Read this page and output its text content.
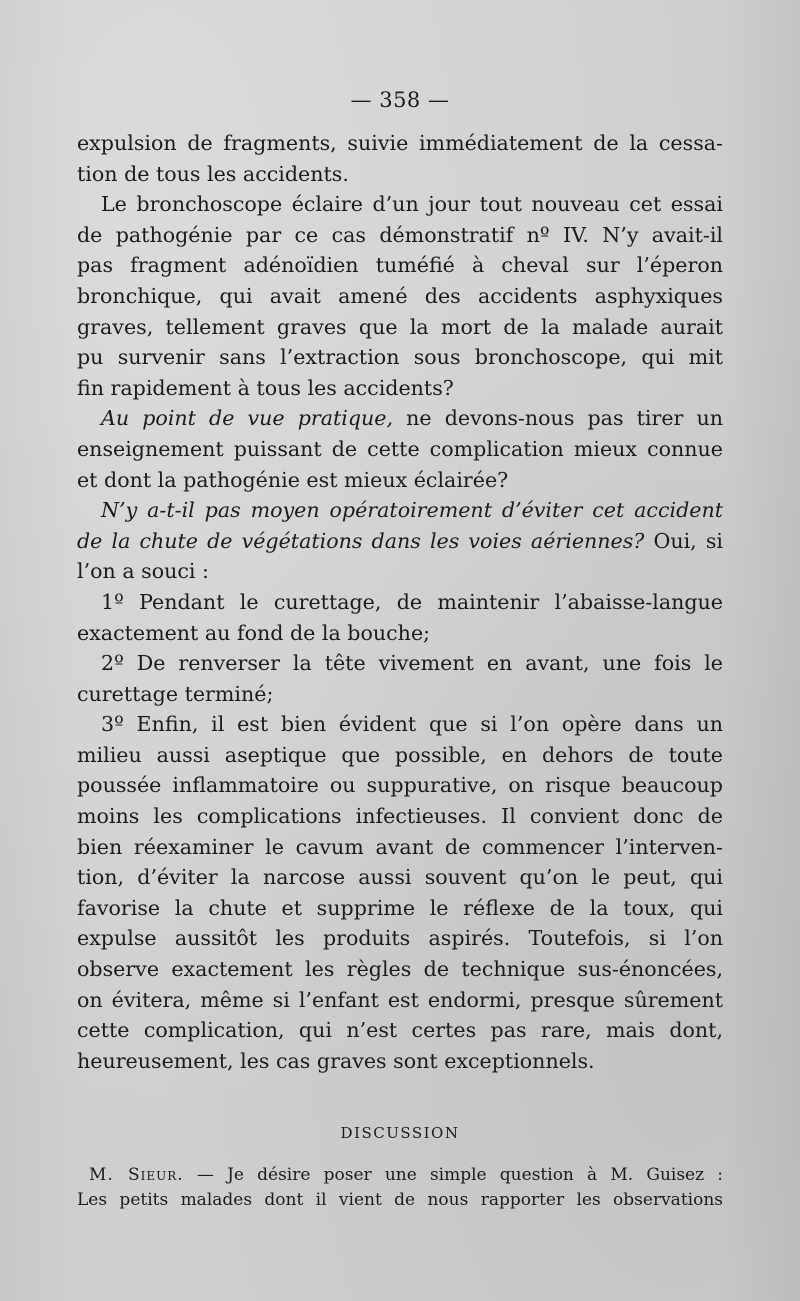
— 358 —
expulsion de fragments, suivie immédiatement de la cessa-
tion de tous les accidents.
Le bronchoscope éclaire d’un jour tout nouveau cet essai
de pathogénie par ce cas démonstratif nº IV. N’y avait-il
pas fragment adénoïdien tuméfié à cheval sur l’éperon
bronchique, qui avait amené des accidents asphyxiques
graves, tellement graves que la mort de la malade aurait
pu survenir sans l’extraction sous bronchoscope, qui mit
fin rapidement à tous les accidents?
Au point de vue pratique, ne devons-nous pas tirer un
enseignement puissant de cette complication mieux connue
et dont la pathogénie est mieux éclairée?
N’y a-t-il pas moyen opératoirement d’éviter cet accident
de la chute de végétations dans les voies aériennes? Oui, si
l’on a souci :
1º Pendant le curettage, de maintenir l’abaisse-langue
exactement au fond de la bouche;
2º De renverser la tête vivement en avant, une fois le
curettage terminé;
3º Enfin, il est bien évident que si l’on opère dans un
milieu aussi aseptique que possible, en dehors de toute
poussée inflammatoire ou suppurative, on risque beaucoup
moins les complications infectieuses. Il convient donc de
bien réexaminer le cavum avant de commencer l’interven-
tion, d’éviter la narcose aussi souvent qu’on le peut, qui
favorise la chute et supprime le réflexe de la toux, qui
expulse aussitôt les produits aspirés. Toutefois, si l’on
observe exactement les règles de technique sus-énoncées,
on évitera, même si l’enfant est endormi, presque sûrement
cette complication, qui n’est certes pas rare, mais dont,
heureusement, les cas graves sont exceptionnels.
DISCUSSION
M. Sieur. — Je désire poser une simple question à M. Guisez :
Les petits malades dont il vient de nous rapporter les observations
